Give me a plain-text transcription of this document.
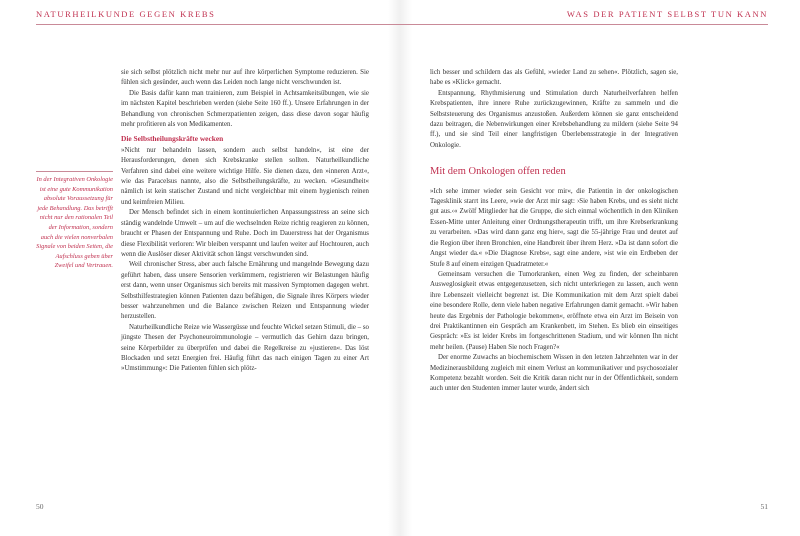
NATURHEILKUNDE GEGEN KREBS
In der Integrativen Onkologie ist eine gute Kommunikation absolute Voraussetzung für jede Behandlung. Das betrifft nicht nur den rationalen Teil der Information, sondern auch die vielen nonverbalen Signale von beiden Seiten, die Aufschluss geben über Zweifel und Vertrauen.

sie sich selbst plötzlich nicht mehr nur auf ihre körperlichen Symptome reduzieren. Sie fühlen sich gesünder, auch wenn das Leiden noch lange nicht verschwunden ist.

Die Basis dafür kann man trainieren, zum Beispiel in Achtsamkeitsübungen, wie sie im nächsten Kapitel beschrieben werden (siehe Seite 160 ff.). Unsere Erfahrungen in der Behandlung von chronischen Schmerzpatienten zeigen, dass diese davon sogar häufig mehr profitieren als von Medikamenten.

Die Selbstheilungskräfte wecken

»Nicht nur behandeln lassen, sondern auch selbst handeln«, ist eine der Herausforderungen, denen sich Krebskranke stellen sollten. Naturheilkundliche Verfahren sind dabei eine weitere wichtige Hilfe. Sie dienen dazu, den »inneren Arzt«, wie das Paracelsus nannte, also die Selbstheilungskräfte, zu wecken. »Gesundheit« nämlich ist kein statischer Zustand und nicht vergleichbar mit einem hygienisch reinen und keimfreien Milieu.

Der Mensch befindet sich in einem kontinuierlichen Anpassungsstress an seine sich ständig wandelnde Umwelt – um auf die wechselnden Reize richtig reagieren zu können, braucht er Phasen der Entspannung und Ruhe. Doch im Dauerstress hat der Organismus diese Flexibilität verloren: Wir bleiben verspannt und laufen weiter auf Hochtouren, auch wenn die Auslöser dieser Aktivität schon längst verschwunden sind.

Weil chronischer Stress, aber auch falsche Ernährung und mangelnde Bewegung dazu geführt haben, dass unsere Sensorien verkümmern, registrieren wir Belastungen häufig erst dann, wenn unser Organismus sich bereits mit massiven Symptomen dagegen wehrt. Selbsthilfestrategien können Patienten dazu befähigen, die Signale ihres Körpers wieder besser wahrzunehmen und die Balance zwischen Reizen und Entspannung wieder herzustellen.

Naturheilkundliche Reize wie Wassergüsse und feuchte Wickel setzen Stimuli, die – so jüngste Thesen der Psychoneuroimmunologie – vermutlich das Gehirn dazu bringen, seine Körperbilder zu überprüfen und dabei die Regelkreise zu »justieren«. Das löst Blockaden und setzt Energien frei. Häufig führt das nach einigen Tagen zu einer Art »Umstimmung«: Die Patienten fühlen sich plötz-

50
WAS DER PATIENT SELBST TUN KANN

lich besser und schildern das als Gefühl, »wieder Land zu sehen«. Plötzlich, sagen sie, habe es »Klick« gemacht.

Entspannung, Rhythmisierung und Stimulation durch Naturheilverfahren helfen Krebspatienten, ihre innere Ruhe zurückzugewinnen, Kräfte zu sammeln und die Selbststeuerung des Organismus anzustoßen. Außerdem können sie ganz entscheidend dazu beitragen, die Nebenwirkungen einer Krebsbehandlung zu mildern (siehe Seite 94 ff.), und sie sind Teil einer langfristigen Überlebensstrategie in der Integrativen Onkologie.

Mit dem Onkologen offen reden

»Ich sehe immer wieder sein Gesicht vor mir«, die Patientin in der onkologischen Tagesklinik starrt ins Leere, »wie der Arzt mir sagt: ›Sie haben Krebs, und es sieht nicht gut aus.‹« Zwölf Mitglieder hat die Gruppe, die sich einmal wöchentlich in den Kliniken Essen-Mitte unter Anleitung einer Ordnungstherapeutin trifft, um ihre Krebserkrankung zu verarbeiten. »Das wird dann ganz eng hier«, sagt die 55-jährige Frau und deutet auf die Region über ihren Bronchien, eine Handbreit über ihrem Herz. »Da ist dann sofort die Angst wieder da.« »Die Diagnose Krebs«, sagt eine andere, »ist wie ein Erdbeben der Stufe 8 auf einem einzigen Quadratmeter.«

Gemeinsam versuchen die Tumorkranken, einen Weg zu finden, der scheinbaren Ausweglosigkeit etwas entgegenzusetzen, sich nicht unterkriegen zu lassen, auch wenn ihre Lebenszeit vielleicht begrenzt ist. Die Kommunikation mit dem Arzt spielt dabei eine besondere Rolle, denn viele haben negative Erfahrungen damit gemacht. »Wir haben heute das Ergebnis der Pathologie bekommen«, eröffnete etwa ein Arzt im Beisein von drei Praktikantinnen ein Gespräch am Krankenbett, im Stehen. Es blieb ein einseitiges Gespräch: »Es ist leider Krebs im fortgeschrittenen Stadium, und wir können Ihn nicht mehr heilen. (Pause) Haben Sie noch Fragen?«

Der enorme Zuwachs an biochemischem Wissen in den letzten Jahrzehnten war in der Medizinerausbildung zugleich mit einem Verlust an kommunikativer und psychosozialer Kompetenz bezahlt worden. Seit die Kritik daran nicht nur in der Öffentlichkeit, sondern auch unter den Studenten immer lauter wurde, ändert sich

51
